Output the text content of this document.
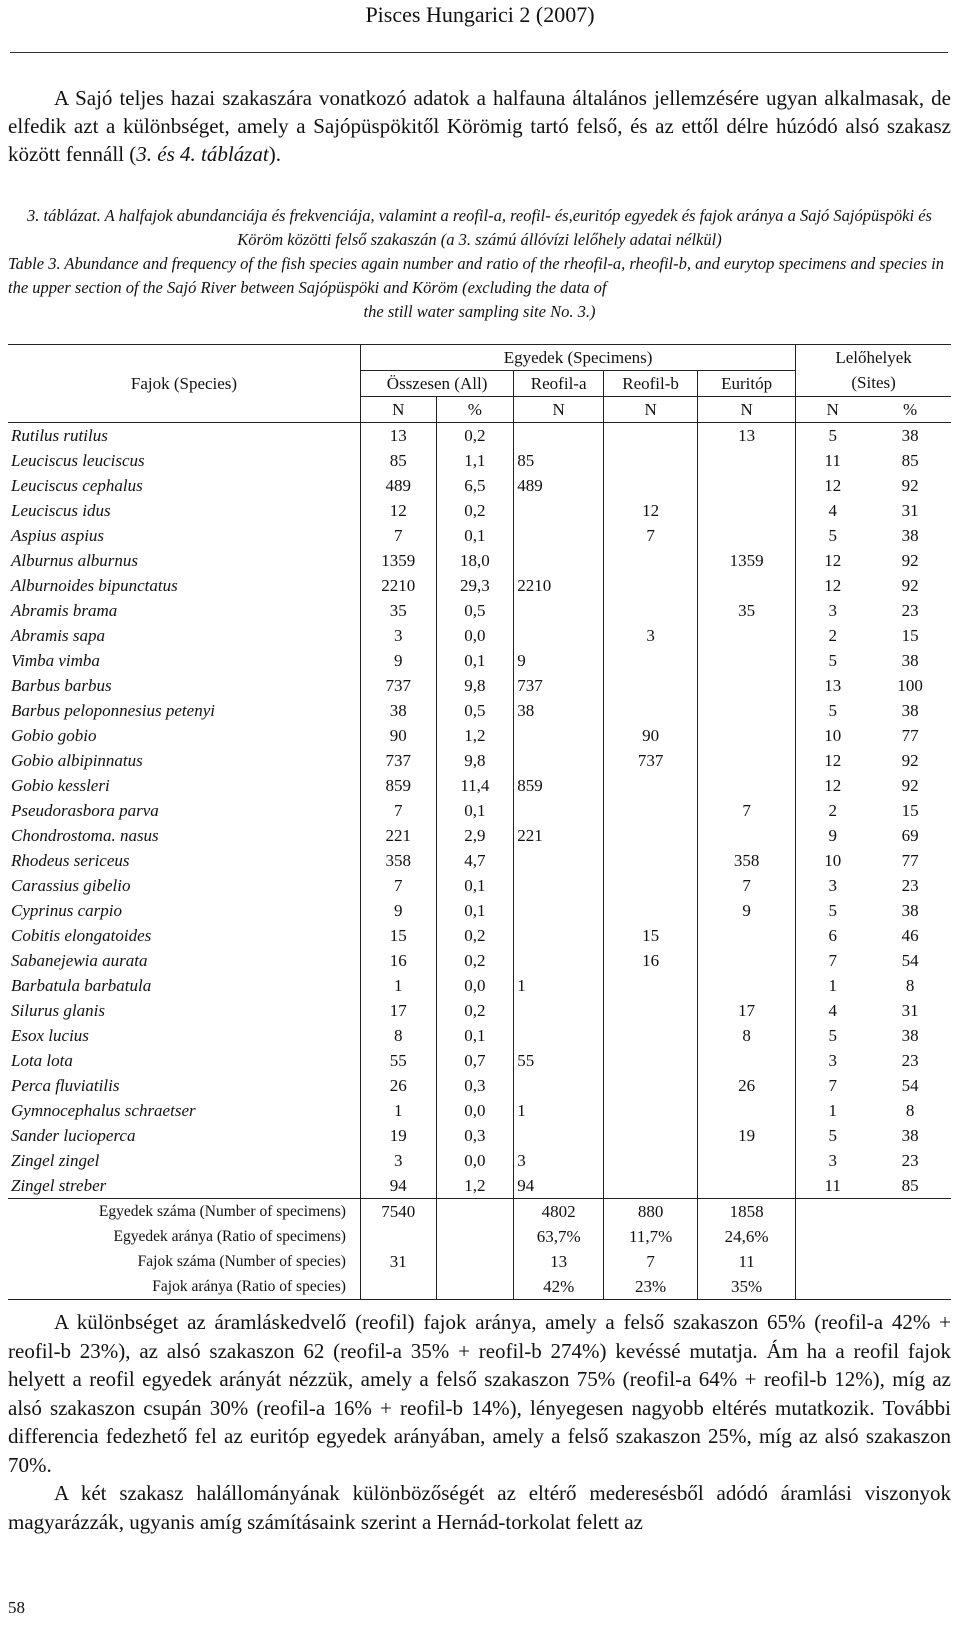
Pisces Hungarici 2 (2007)
A Sajó teljes hazai szakaszára vonatkozó adatok a halfauna általános jellemzésére ugyan alkalmasak, de elfedik azt a különbséget, amely a Sajópüspökitől Körömig tartó felső, és az ettől délre húzódó alsó szakasz között fennáll (3. és 4. táblázat).
3. táblázat. A halfajok abundanciája és frekvenciája, valamint a reofil-a, reofil- és,euritóp egyedek és fajok aránya a Sajó Sajópüspöki és Köröm közötti felső szakaszán (a 3. számú állóvízi lelőhely adatai nélkül)
Table 3. Abundance and frequency of the fish species again number and ratio of the rheofil-a, rheofil-b, and eurytop specimens and species in the upper section of the Sajó River between Sajópüspöki and Köröm (excluding the data of
the still water sampling site No. 3.)
Fajok (Species)	Egyedek (Specimens)					Lelőhelyek	
	Összesen (All)		Reofil-a	Reofil-b	Euritóp	(Sites)	
	N	%	N	N	N	N	%
Rutilus rutilus	13	0,2			13	5	38
Leuciscus leuciscus	85	1,1	85			11	85
Leuciscus cephalus	489	6,5	489			12	92
Leuciscus idus	12	0,2		12		4	31
Aspius aspius	7	0,1		7		5	38
Alburnus alburnus	1359	18,0			1359	12	92
Alburnoides bipunctatus	2210	29,3	2210			12	92
Abramis brama	35	0,5			35	3	23
Abramis sapa	3	0,0		3		2	15
Vimba vimba	9	0,1	9			5	38
Barbus barbus	737	9,8	737			13	100
Barbus peloponnesius petenyi	38	0,5	38			5	38
Gobio gobio	90	1,2		90		10	77
Gobio albipinnatus	737	9,8		737		12	92
Gobio kessleri	859	11,4	859			12	92
Pseudorasbora parva	7	0,1			7	2	15
Chondrostoma. nasus	221	2,9	221			9	69
Rhodeus sericeus	358	4,7			358	10	77
Carassius gibelio	7	0,1			7	3	23
Cyprinus carpio	9	0,1			9	5	38
Cobitis elongatoides	15	0,2		15		6	46
Sabanejewia aurata	16	0,2		16		7	54
Barbatula barbatula	1	0,0	1			1	8
Silurus glanis	17	0,2			17	4	31
Esox lucius	8	0,1			8	5	38
Lota lota	55	0,7	55			3	23
Perca fluviatilis	26	0,3			26	7	54
Gymnocephalus schraetser	1	0,0	1			1	8
Sander lucioperca	19	0,3			19	5	38
Zingel zingel	3	0,0	3			3	23
Zingel streber	94	1,2	94			11	85
Egyedek száma (Number of specimens)	7540		4802	880	1858		
Egyedek aránya (Ratio of specimens)			63,7%	11,7%	24,6%		
Fajok száma (Number of species)	31		13	7	11		
Fajok aránya (Ratio of species)			42%	23%	35%		

A különbséget az áramláskedvelő (reofil) fajok aránya, amely a felső szakaszon 65% (reofil-a 42% + reofil-b 23%), az alsó szakaszon 62 (reofil-a 35% + reofil-b 274%) kevéssé mutatja. Ám ha a reofil fajok helyett a reofil egyedek arányát nézzük, amely a felső szakaszon 75% (reofil-a 64% + reofil-b 12%), míg az alsó szakaszon csupán 30% (reofil-a 16% + reofil-b 14%), lényegesen nagyobb eltérés mutatkozik. További differencia fedezhető fel az euritóp egyedek arányában, amely a felső szakaszon 25%, míg az alsó szakaszon 70%.

A két szakasz halállományának különbözőségét az eltérő mederesésből adódó áramlási viszonyok magyarázzák, ugyanis amíg számításaink szerint a Hernád-torkolat felett az

58
